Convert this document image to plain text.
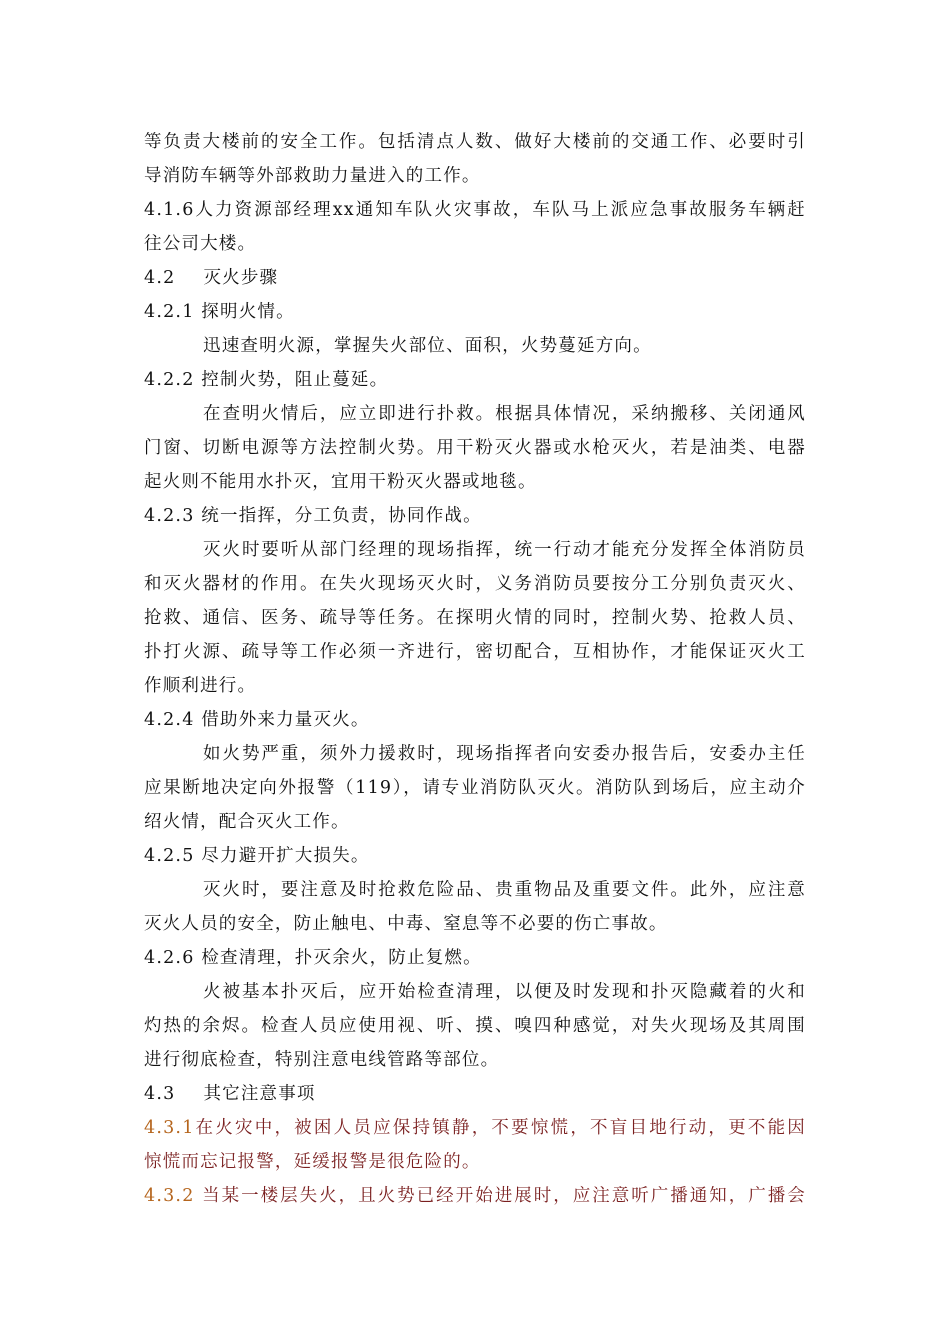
等负责大楼前的安全工作。包括清点人数、做好大楼前的交通工作、必要时引
导消防车辆等外部救助力量进入的工作。
4.1.6人力资源部经理xx通知车队火灾事故，车队马上派应急事故服务车辆赶
往公司大楼。
4.2 灭火步骤
4.2.1 探明火情。
迅速查明火源，掌握失火部位、面积，火势蔓延方向。
4.2.2 控制火势，阻止蔓延。
在查明火情后，应立即进行扑救。根据具体情况，采纳搬移、关闭通风
门窗、切断电源等方法控制火势。用干粉灭火器或水枪灭火，若是油类、电器
起火则不能用水扑灭，宜用干粉灭火器或地毯。
4.2.3 统一指挥，分工负责，协同作战。
灭火时要听从部门经理的现场指挥，统一行动才能充分发挥全体消防员
和灭火器材的作用。在失火现场灭火时，义务消防员要按分工分别负责灭火、
抢救、通信、医务、疏导等任务。在探明火情的同时，控制火势、抢救人员、
扑打火源、疏导等工作必须一齐进行，密切配合，互相协作，才能保证灭火工
作顺利进行。
4.2.4 借助外来力量灭火。
如火势严重，须外力援救时，现场指挥者向安委办报告后，安委办主任
应果断地决定向外报警（119），请专业消防队灭火。消防队到场后，应主动介
绍火情，配合灭火工作。
4.2.5 尽力避开扩大损失。
灭火时，要注意及时抢救危险品、贵重物品及重要文件。此外，应注意
灭火人员的安全，防止触电、中毒、窒息等不必要的伤亡事故。
4.2.6 检查清理，扑灭余火，防止复燃。
火被基本扑灭后，应开始检查清理，以便及时发现和扑灭隐藏着的火和
灼热的余烬。检查人员应使用视、听、摸、嗅四种感觉，对失火现场及其周围
进行彻底检查，特别注意电线管路等部位。
4.3 其它注意事项
4.3.1在火灾中，被困人员应保持镇静，不要惊慌，不盲目地行动，更不能因
惊慌而忘记报警，延缓报警是很危险的。
4.3.2 当某一楼层失火，且火势已经开始进展时，应注意听广播通知，广播会
